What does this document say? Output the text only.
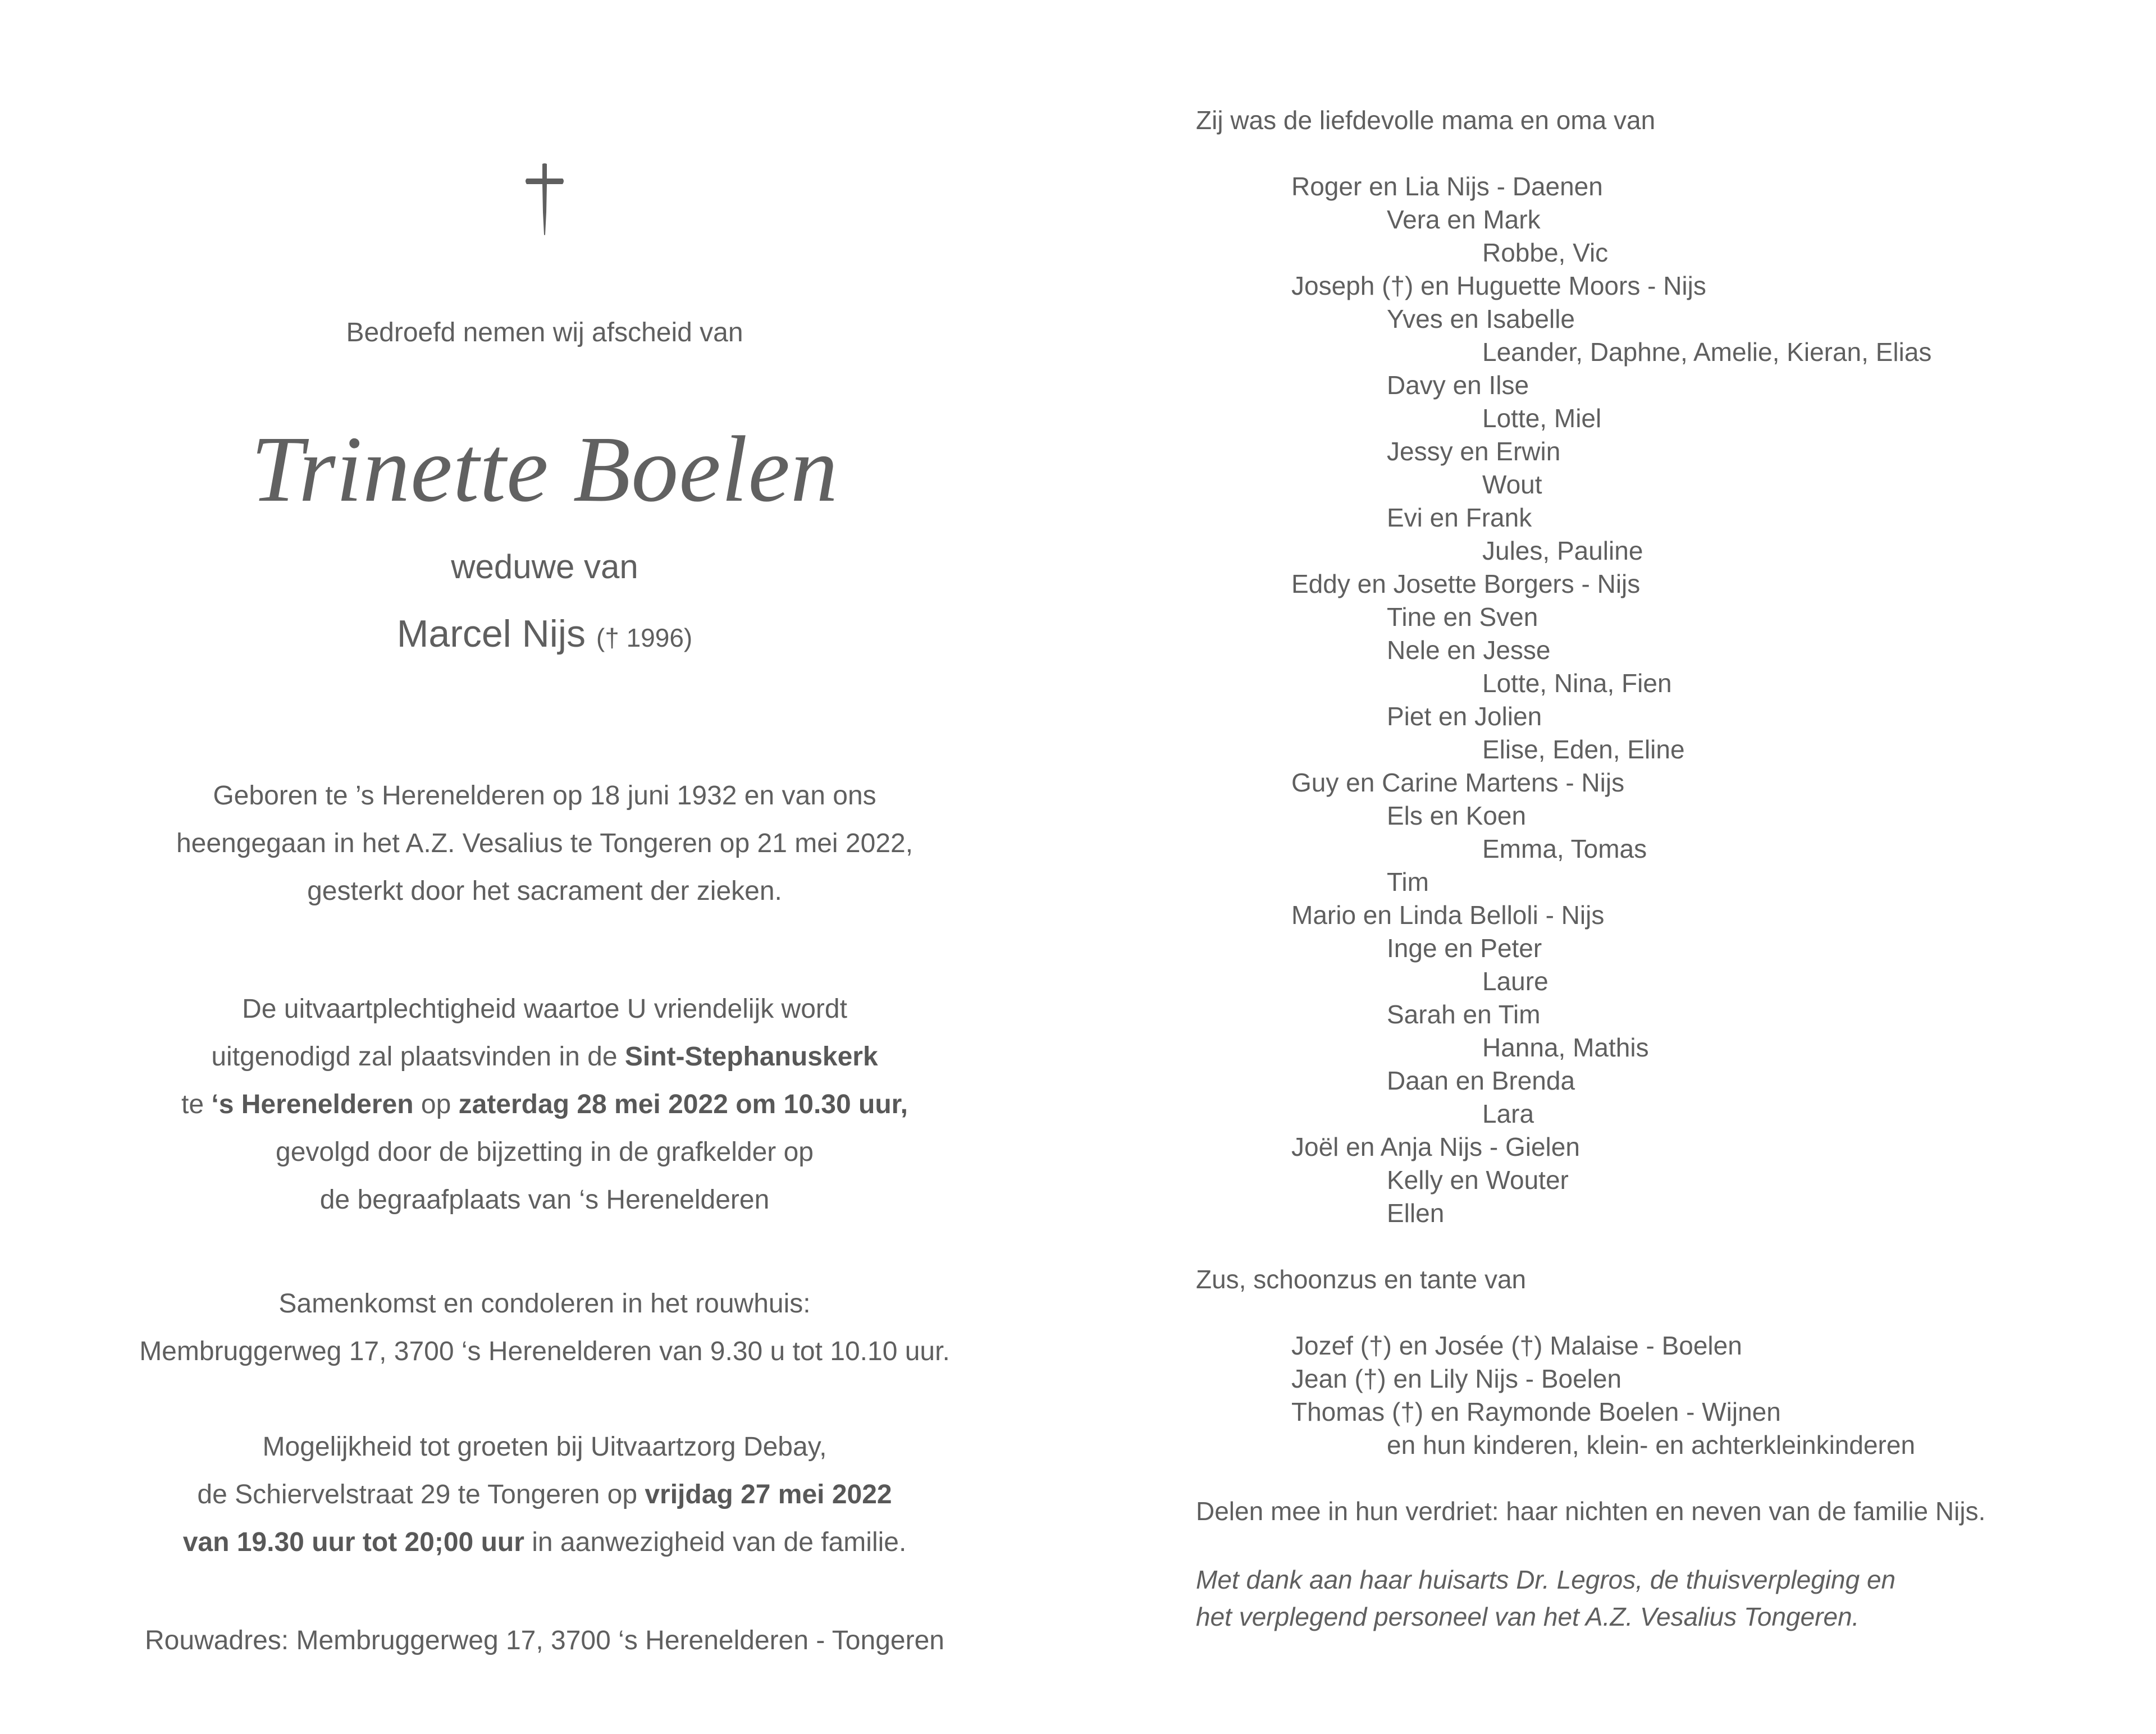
Bedroefd nemen wij afscheid van
Trinette Boelen
weduwe van
Marcel Nijs († 1996)
Geboren te ’s Herenelderen op 18 juni 1932 en van ons
heengegaan in het A.Z. Vesalius te Tongeren op 21 mei 2022,
gesterkt door het sacrament der zieken.
De uitvaartplechtigheid waartoe U vriendelijk wordt
uitgenodigd zal plaatsvinden in de Sint-Stephanuskerk
te ‘s Herenelderen op zaterdag 28 mei 2022 om 10.30 uur,
gevolgd door de bijzetting in de grafkelder op
de begraafplaats van ‘s Herenelderen
Samenkomst en condoleren in het rouwhuis:
Membruggerweg 17, 3700 ‘s Herenelderen van 9.30 u tot 10.10 uur.
Mogelijkheid tot groeten bij Uitvaartzorg Debay,
de Schiervelstraat 29 te Tongeren op vrijdag 27 mei 2022
van 19.30 uur tot 20;00 uur in aanwezigheid van de familie.
Rouwadres: Membruggerweg 17, 3700 ‘s Herenelderen - Tongeren
Zij was de liefdevolle mama en oma van
Roger en Lia Nijs - Daenen
Vera en Mark
Robbe, Vic
Joseph (†) en Huguette Moors - Nijs
Yves en Isabelle
Leander, Daphne, Amelie, Kieran, Elias
Davy en Ilse
Lotte, Miel
Jessy en Erwin
Wout
Evi en Frank
Jules, Pauline
Eddy en Josette Borgers - Nijs
Tine en Sven
Nele en Jesse
Lotte, Nina, Fien
Piet en Jolien
Elise, Eden, Eline
Guy en Carine Martens - Nijs
Els en Koen
Emma, Tomas
Tim
Mario en Linda Belloli - Nijs
Inge en Peter
Laure
Sarah en Tim
Hanna, Mathis
Daan en Brenda
Lara
Joël en Anja Nijs - Gielen
Kelly en Wouter
Ellen
Zus, schoonzus en tante van
Jozef (†) en Josée (†) Malaise - Boelen
Jean (†) en Lily Nijs - Boelen
Thomas (†) en Raymonde Boelen - Wijnen
en hun kinderen, klein- en achterkleinkinderen
Delen mee in hun verdriet: haar nichten en neven van de familie Nijs.
Met dank aan haar huisarts Dr. Legros, de thuisverpleging en
het verplegend personeel van het A.Z. Vesalius Tongeren.
